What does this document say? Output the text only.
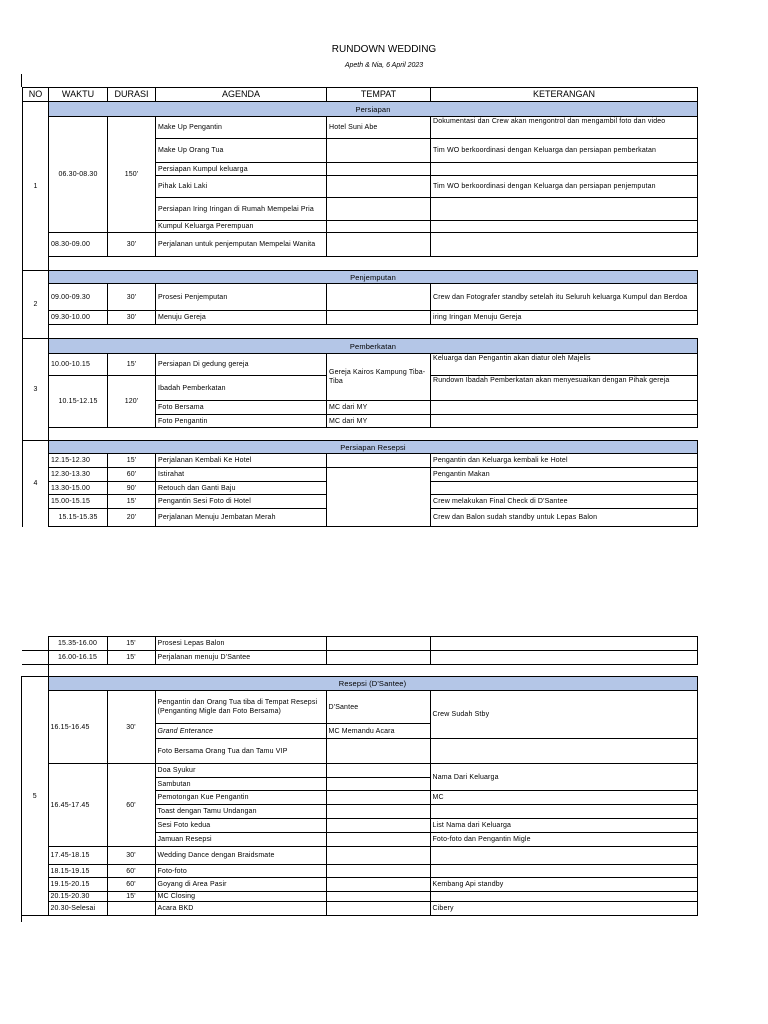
RUNDOWN WEDDING
Apeth & Nia, 6 April 2023
NO	WAKTU	DURASI	AGENDA	TEMPAT	KETERANGAN
1	Persiapan				
	06.30-08.30	150'	Make Up Pengantin	Hotel Suni Abe	Dokumentasi dan Crew akan mengontrol dan mengambil foto dan video
			Make Up Orang Tua		Tim WO berkoordinasi dengan Keluarga dan persiapan pemberkatan
			Persiapan Kumpul keluarga		
			Pihak Laki Laki		Tim WO berkoordinasi dengan Keluarga dan persiapan penjemputan
			Persiapan Iring Iringan di Rumah Mempelai Pria		
			Kumpul Keluarga Perempuan		
	08.30-09.00	30'	Perjalanan untuk penjemputan Mempelai Wanita		

2	Penjemputan				
	09.00-09.30	30'	Prosesi Penjemputan		Crew dan Fotografer standby setelah itu Seluruh keluarga Kumpul dan Berdoa
	09.30-10.00	30'	Menuju Gereja		iring Iringan Menuju Gereja

3	Pemberkatan				
	10.00-10.15	15'	Persiapan Di gedung gereja	Gereja Kairos Kampung Tiba-Tiba	Keluarga dan Pengantin akan diatur oleh Majelis
	10.15-12.15	120'	Ibadah Pemberkatan		Rundown Ibadah Pemberkatan akan menyesuaikan dengan Pihak gereja
			Foto Bersama	MC dari MY	
			Foto Pengantin	MC dari MY	

4	Persiapan Resepsi				
	12.15-12.30	15'	Perjalanan Kembali Ke Hotel		Pengantin dan Keluarga kembali ke Hotel
	12.30-13.30	60'	Istirahat		Pengantin Makan
	13.30-15.00	90'	Retouch dan Ganti Baju		
	15.00-15.15	15'	Pengantin Sesi Foto di Hotel		Crew melakukan Final Check di D'Santee
	15.15-15.35	20'	Perjalanan Menuju Jembatan Merah		Crew dan Balon sudah standby untuk Lepas Balon
	15.35-16.00	15'	Prosesi Lepas Balon		
	16.00-16.15	15'	Perjalanan menuju D'Santee		

5	Resepsi (D'Santee)				
	16.15-16.45	30'	Pengantin dan Orang Tua tiba di Tempat Resepsi (Penganting Migle dan Foto Bersama)	D'Santee	Crew Sudah Stby
			Grand Enterance	MC Memandu Acara	
			Foto Bersama Orang Tua dan Tamu VIP		
	16.45-17.45	60'	Doa Syukur		Nama Dari Keluarga
			Sambutan		
			Pemotongan Kue Pengantin		MC
			Toast dengan Tamu Undangan		
			Sesi Foto kedua		List Nama dari Keluarga
			Jamuan Resepsi		Foto-foto dan Pengantin Migle
	17.45-18.15	30'	Wedding Dance dengan Braidsmate		
	18.15-19.15	60'	Foto-foto		
	19.15-20.15	60'	Goyang di Area Pasir		Kembang Api standby
	20.15-20.30	15'	MC Closing		
	20.30-Selesai		Acara BKD		Cibery
